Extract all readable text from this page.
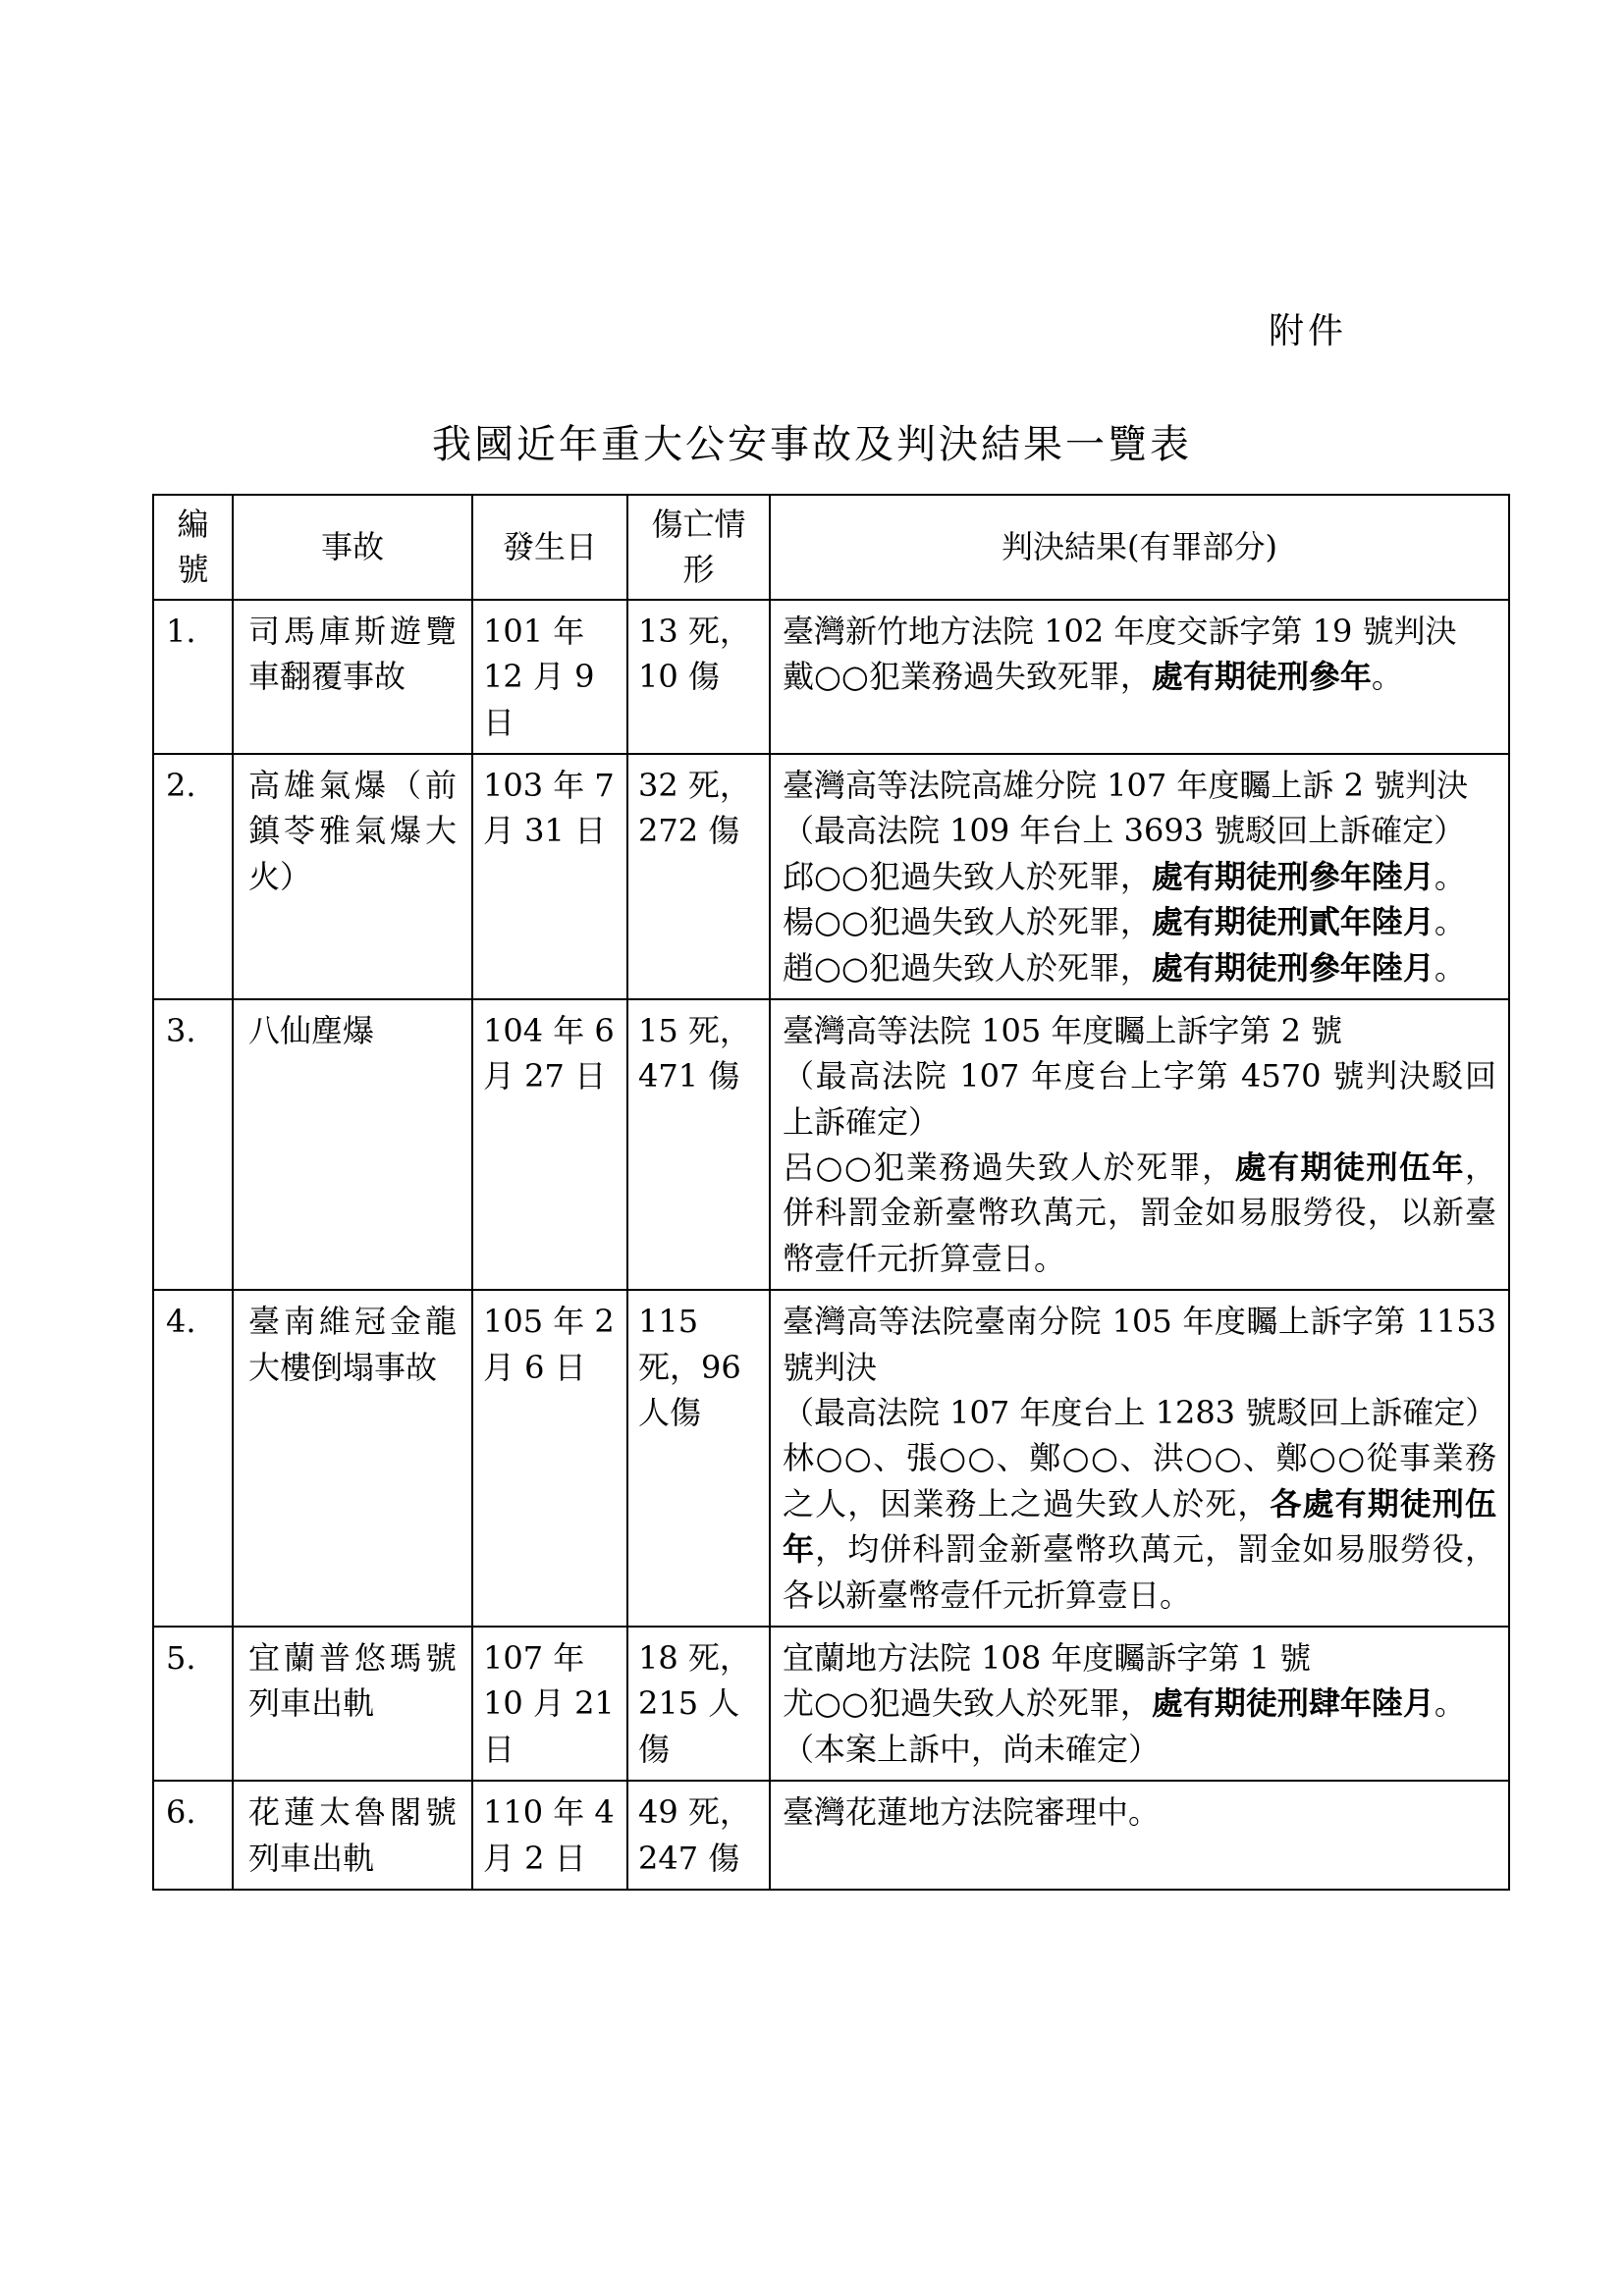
附件
我國近年重大公安事故及判決結果一覽表
編號	事故	發生日	傷亡情形	判決結果(有罪部分)
1.	司馬庫斯遊覽車翻覆事故	101 年 12 月 9 日	13 死，10 傷	臺灣新竹地方法院 102 年度交訴字第 19 號判決

戴○○犯業務過失致死罪，處有期徒刑參年。

2.	高雄氣爆（前鎮苓雅氣爆大火）	103 年 7 月 31 日	32 死，272 傷	臺灣高等法院高雄分院 107 年度矚上訴 2 號判決

（最高法院 109 年台上 3693 號駁回上訴確定）

邱○○犯過失致人於死罪，處有期徒刑參年陸月。

楊○○犯過失致人於死罪，處有期徒刑貳年陸月。

趙○○犯過失致人於死罪，處有期徒刑參年陸月。

3.	八仙塵爆	104 年 6 月 27 日	15 死，471 傷	臺灣高等法院 105 年度矚上訴字第 2 號

（最高法院 107 年度台上字第 4570 號判決駁回上訴確定）

呂○○犯業務過失致人於死罪，處有期徒刑伍年，併科罰金新臺幣玖萬元，罰金如易服勞役，以新臺幣壹仟元折算壹日。

4.	臺南維冠金龍大樓倒塌事故	105 年 2 月 6 日	115 死，96 人傷	臺灣高等法院臺南分院 105 年度矚上訴字第 1153 號判決

（最高法院 107 年度台上 1283 號駁回上訴確定）

林○○、張○○、鄭○○、洪○○、鄭○○從事業務之人，因業務上之過失致人於死，各處有期徒刑伍年，均併科罰金新臺幣玖萬元，罰金如易服勞役，各以新臺幣壹仟元折算壹日。

5.	宜蘭普悠瑪號列車出軌	107 年 10 月 21 日	18 死，215 人傷	宜蘭地方法院 108 年度矚訴字第 1 號

尤○○犯過失致人於死罪，處有期徒刑肆年陸月。

（本案上訴中，尚未確定）

6.	花蓮太魯閣號列車出軌	110 年 4 月 2 日	49 死，247 傷	臺灣花蓮地方法院審理中。
